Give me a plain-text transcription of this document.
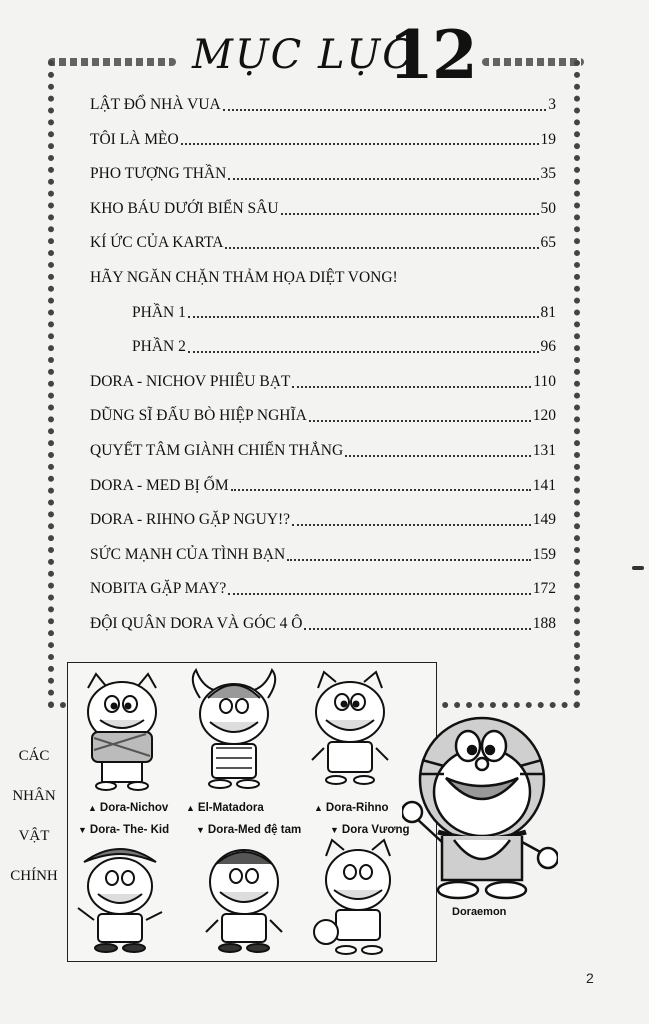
MỤC LỤC
12
LẬT ĐỔ NHÀ VUA	3
TÔI LÀ MÈO	19
PHO TƯỢNG THẦN	35
KHO BÁU DƯỚI BIỂN SÂU	50
KÍ ỨC CỦA KARTA	65
HÃY NGĂN CHẶN THẢM HỌA DIỆT VONG!
PHẦN 1	81
PHẦN 2	96
DORA - NICHOV PHIÊU BẠT	110
DŨNG SĨ ĐẤU BÒ HIỆP NGHĨA	120
QUYẾT TÂM GIÀNH CHIẾN THẮNG	131
DORA - MED BỊ ỐM	141
DORA - RIHNO GẶP NGUY!?	149
SỨC MẠNH CỦA TÌNH BẠN	159
NOBITA GẶP MAY?	172
ĐỘI QUÂN DORA VÀ GÓC 4 Ô	188
CÁC
NHÂN
VẬT
CHÍNH
▲ Dora-Nichov ▲ El-Matadora	▲ Dora-Rihno
▼ Dora- The- Kid	▼ Dora-Med đệ tam	▼ Dora Vương
Doraemon
2
